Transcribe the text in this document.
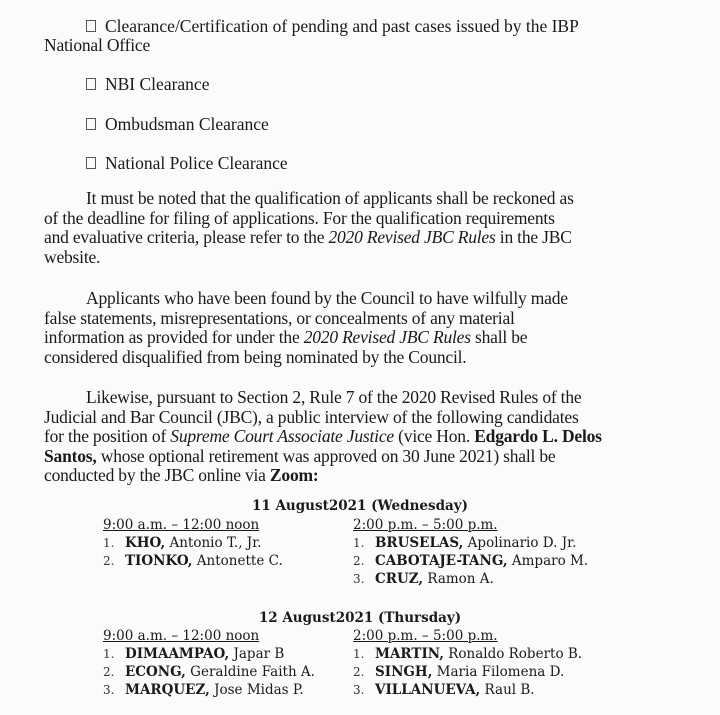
Clearance/Certification of pending and past cases issued by the IBP
National Office
NBI Clearance
Ombudsman Clearance
National Police Clearance
It must be noted that the qualification of applicants shall be reckoned as
of the deadline for filing of applications. For the qualification requirements
and evaluative criteria, please refer to the 2020 Revised JBC Rules in the JBC
website.
Applicants who have been found by the Council to have wilfully made
false statements, misrepresentations, or concealments of any material
information as provided for under the 2020 Revised JBC Rules shall be
considered disqualified from being nominated by the Council.
Likewise, pursuant to Section 2, Rule 7 of the 2020 Revised Rules of the
Judicial and Bar Council (JBC), a public interview of the following candidates
for the position of Supreme Court Associate Justice (vice Hon. Edgardo L. Delos
Santos, whose optional retirement was approved on 30 June 2021) shall be
conducted by the JBC online via Zoom:
11 August2021 (Wednesday)
9:00 a.m. – 12:00 noon
1. KHO, Antonio T., Jr.
2. TIONKO, Antonette C.
2:00 p.m. – 5:00 p.m.
1. BRUSELAS, Apolinario D. Jr.
2. CABOTAJE-TANG, Amparo M.
3. CRUZ, Ramon A.
12 August2021 (Thursday)
9:00 a.m. – 12:00 noon
1. DIMAAMPAO, Japar B
2. ECONG, Geraldine Faith A.
3. MARQUEZ, Jose Midas P.
2:00 p.m. – 5:00 p.m.
1. MARTIN, Ronaldo Roberto B.
2. SINGH, Maria Filomena D.
3. VILLANUEVA, Raul B.
